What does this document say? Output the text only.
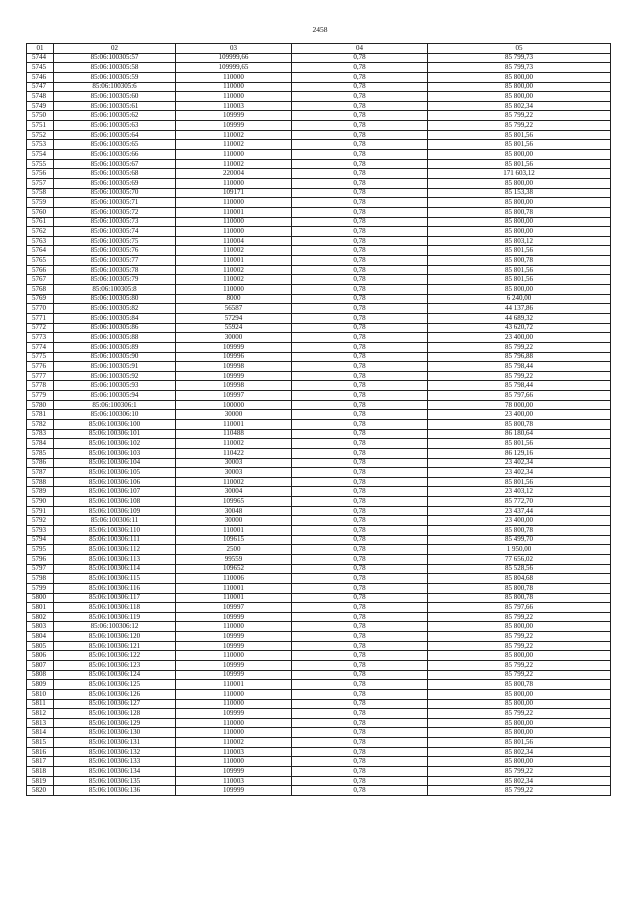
2458
01	02	03	04	05
5744	85:06:100305:57	109999,66	0,78	85 799,73
5745	85:06:100305:58	109999,65	0,78	85 799,73
5746	85:06:100305:59	110000	0,78	85 800,00
5747	85:06:100305:6	110000	0,78	85 800,00
5748	85:06:100305:60	110000	0,78	85 800,00
5749	85:06:100305:61	110003	0,78	85 802,34
5750	85:06:100305:62	109999	0,78	85 799,22
5751	85:06:100305:63	109999	0,78	85 799,22
5752	85:06:100305:64	110002	0,78	85 801,56
5753	85:06:100305:65	110002	0,78	85 801,56
5754	85:06:100305:66	110000	0,78	85 800,00
5755	85:06:100305:67	110002	0,78	85 801,56
5756	85:06:100305:68	220004	0,78	171 603,12
5757	85:06:100305:69	110000	0,78	85 800,00
5758	85:06:100305:70	109171	0,78	85 153,38
5759	85:06:100305:71	110000	0,78	85 800,00
5760	85:06:100305:72	110001	0,78	85 800,78
5761	85:06:100305:73	110000	0,78	85 800,00
5762	85:06:100305:74	110000	0,78	85 800,00
5763	85:06:100305:75	110004	0,78	85 803,12
5764	85:06:100305:76	110002	0,78	85 801,56
5765	85:06:100305:77	110001	0,78	85 800,78
5766	85:06:100305:78	110002	0,78	85 801,56
5767	85:06:100305:79	110002	0,78	85 801,56
5768	85:06:100305:8	110000	0,78	85 800,00
5769	85:06:100305:80	8000	0,78	6 240,00
5770	85:06:100305:82	56587	0,78	44 137,86
5771	85:06:100305:84	57294	0,78	44 689,32
5772	85:06:100305:86	55924	0,78	43 620,72
5773	85:06:100305:88	30000	0,78	23 400,00
5774	85:06:100305:89	109999	0,78	85 799,22
5775	85:06:100305:90	109996	0,78	85 796,88
5776	85:06:100305:91	109998	0,78	85 798,44
5777	85:06:100305:92	109999	0,78	85 799,22
5778	85:06:100305:93	109998	0,78	85 798,44
5779	85:06:100305:94	109997	0,78	85 797,66
5780	85:06:100306:1	100000	0,78	78 000,00
5781	85:06:100306:10	30000	0,78	23 400,00
5782	85:06:100306:100	110001	0,78	85 800,78
5783	85:06:100306:101	110488	0,78	86 180,64
5784	85:06:100306:102	110002	0,78	85 801,56
5785	85:06:100306:103	110422	0,78	86 129,16
5786	85:06:100306:104	30003	0,78	23 402,34
5787	85:06:100306:105	30003	0,78	23 402,34
5788	85:06:100306:106	110002	0,78	85 801,56
5789	85:06:100306:107	30004	0,78	23 403,12
5790	85:06:100306:108	109965	0,78	85 772,70
5791	85:06:100306:109	30048	0,78	23 437,44
5792	85:06:100306:11	30000	0,78	23 400,00
5793	85:06:100306:110	110001	0,78	85 800,78
5794	85:06:100306:111	109615	0,78	85 499,70
5795	85:06:100306:112	2500	0,78	1 950,00
5796	85:06:100306:113	99559	0,78	77 656,02
5797	85:06:100306:114	109652	0,78	85 528,56
5798	85:06:100306:115	110006	0,78	85 804,68
5799	85:06:100306:116	110001	0,78	85 800,78
5800	85:06:100306:117	110001	0,78	85 800,78
5801	85:06:100306:118	109997	0,78	85 797,66
5802	85:06:100306:119	109999	0,78	85 799,22
5803	85:06:100306:12	110000	0,78	85 800,00
5804	85:06:100306:120	109999	0,78	85 799,22
5805	85:06:100306:121	109999	0,78	85 799,22
5806	85:06:100306:122	110000	0,78	85 800,00
5807	85:06:100306:123	109999	0,78	85 799,22
5808	85:06:100306:124	109999	0,78	85 799,22
5809	85:06:100306:125	110001	0,78	85 800,78
5810	85:06:100306:126	110000	0,78	85 800,00
5811	85:06:100306:127	110000	0,78	85 800,00
5812	85:06:100306:128	109999	0,78	85 799,22
5813	85:06:100306:129	110000	0,78	85 800,00
5814	85:06:100306:130	110000	0,78	85 800,00
5815	85:06:100306:131	110002	0,78	85 801,56
5816	85:06:100306:132	110003	0,78	85 802,34
5817	85:06:100306:133	110000	0,78	85 800,00
5818	85:06:100306:134	109999	0,78	85 799,22
5819	85:06:100306:135	110003	0,78	85 802,34
5820	85:06:100306:136	109999	0,78	85 799,22
